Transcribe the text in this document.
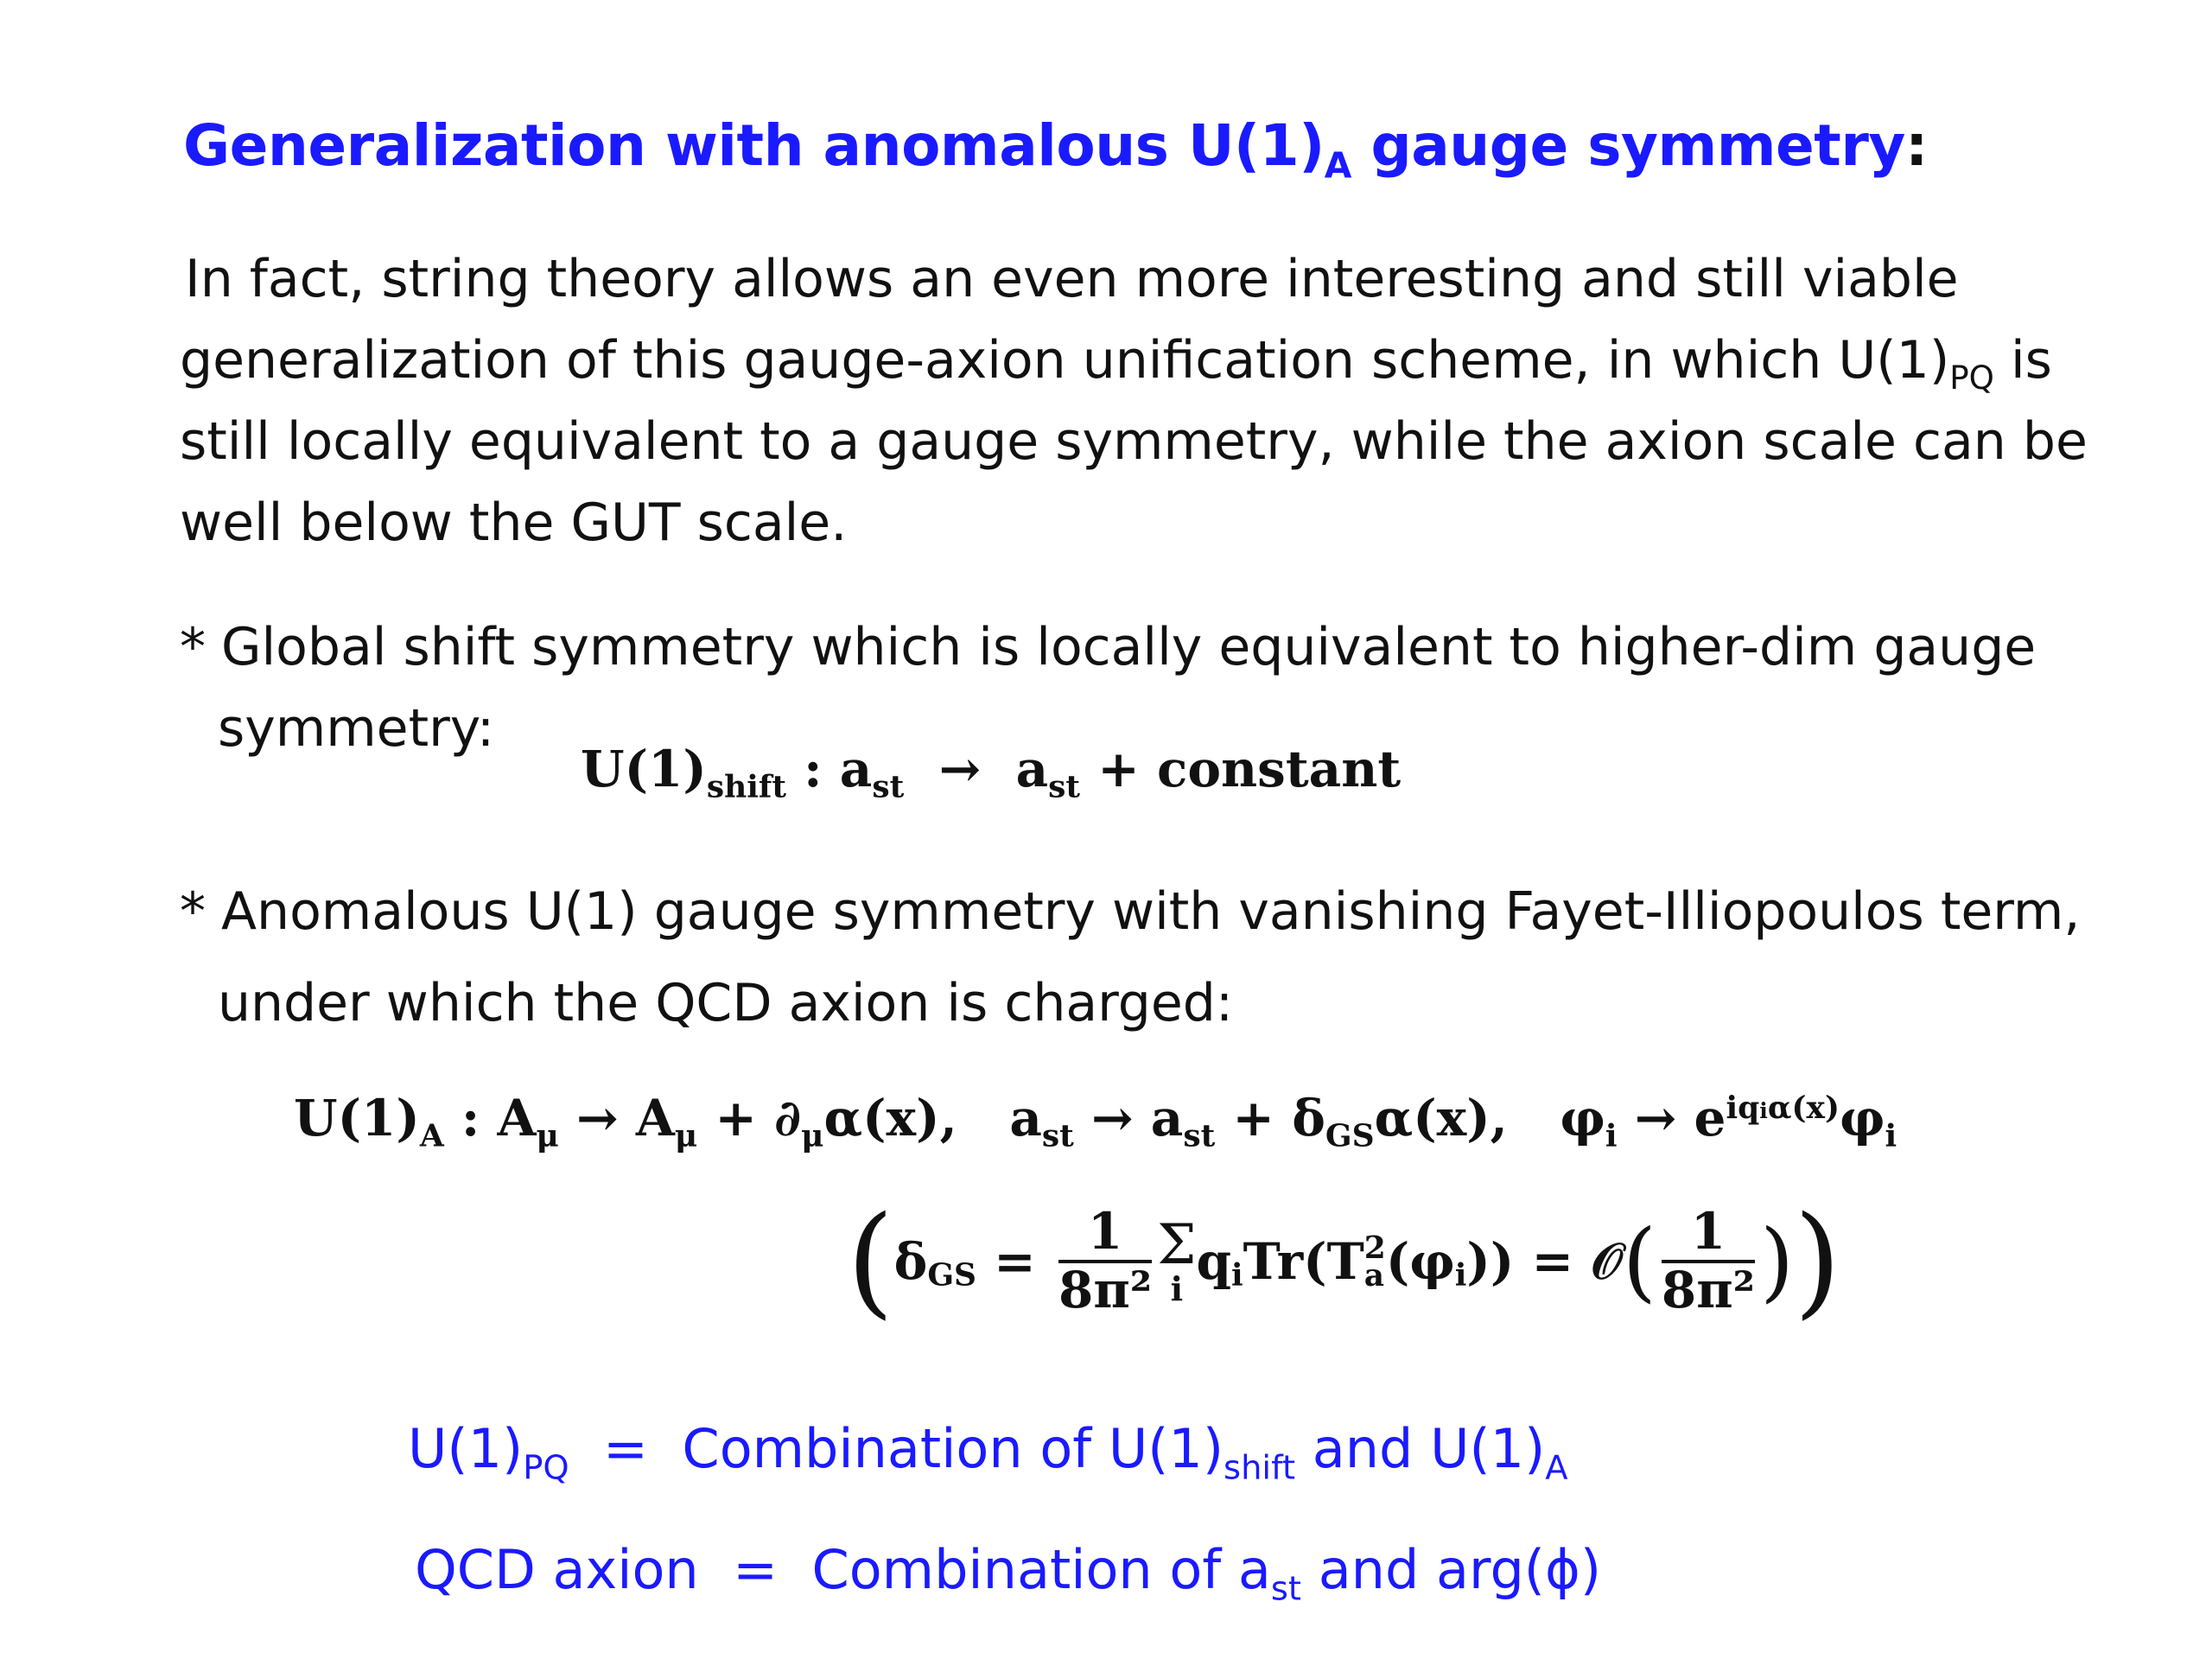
Generalization with anomalous $U(1)_A$ gauge symmetry:
In fact, string theory allows an even more interesting and still viable
generalization of this gauge-axion unification scheme, in which $U(1)_{PQ}$ is
still locally equivalent to a gauge symmetry, while the axion scale can be
well below the GUT scale.
* Global shift symmetry which is locally equivalent to higher-dim gauge
symmetry:
$U(1)_{shift}$ : $a_{st} \to a_{st}$ + constant
* Anomalous U(1) gauge symmetry with vanishing Fayet-Illiopoulos term,
under which the QCD axion is charged:
$U(1)_A$ : $A_\mu \to A_\mu + \partial_\mu\alpha(x)$,   $a_{st} \to a_{st} + \delta_{GS}\alpha(x)$,   $\varphi_i \to e^{iqi\alpha(x)}\varphi_i$
($\delta_{GS} = \frac{1}{\text{8π²}}$ Σ
i $q_iTr(T$ 2
a $(\varphi_i)$) = 𝒪( $\frac{1}{\text{8π²}}$ ))
$U(1)_{PQ}$  =  Combination of $U(1)_{shift}$ and $U(1)_A$
QCD axion  =  Combination of $a_{st}$ and arg(ϕ)
